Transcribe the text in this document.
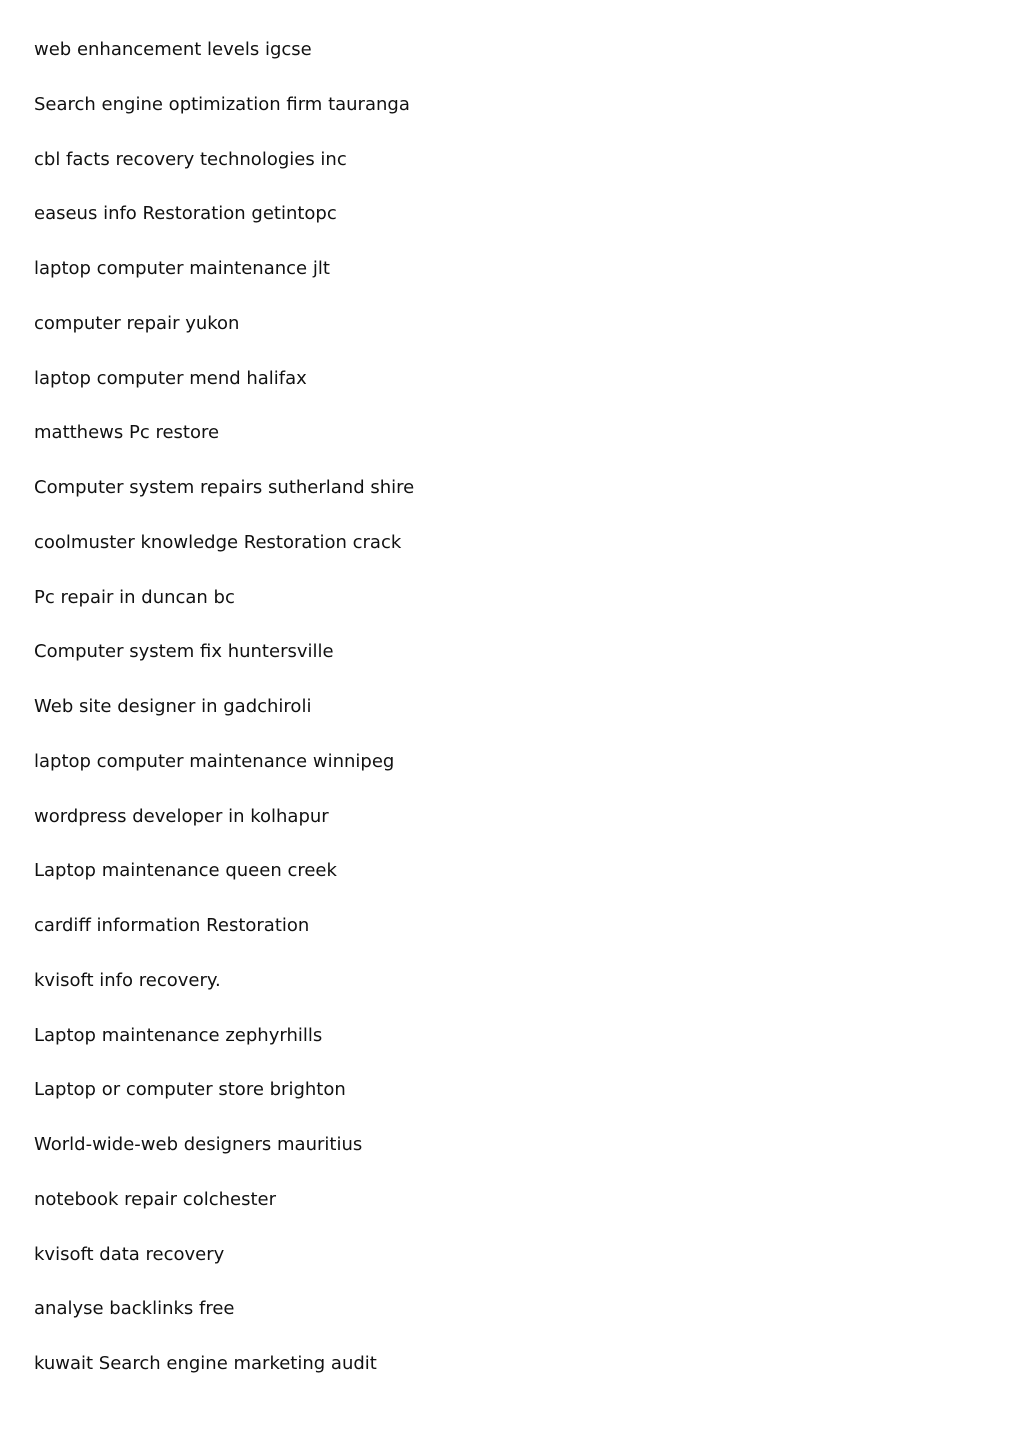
web enhancement levels igcse
Search engine optimization firm tauranga
cbl facts recovery technologies inc
easeus info Restoration getintopc
laptop computer maintenance jlt
computer repair yukon
laptop computer mend halifax
matthews Pc restore
Computer system repairs sutherland shire
coolmuster knowledge Restoration crack
Pc repair in duncan bc
Computer system fix huntersville
Web site designer in gadchiroli
laptop computer maintenance winnipeg
wordpress developer in kolhapur
Laptop maintenance queen creek
cardiff information Restoration
kvisoft info recovery.
Laptop maintenance zephyrhills
Laptop or computer store brighton
World-wide-web designers mauritius
notebook repair colchester
kvisoft data recovery
analyse backlinks free
kuwait Search engine marketing audit
